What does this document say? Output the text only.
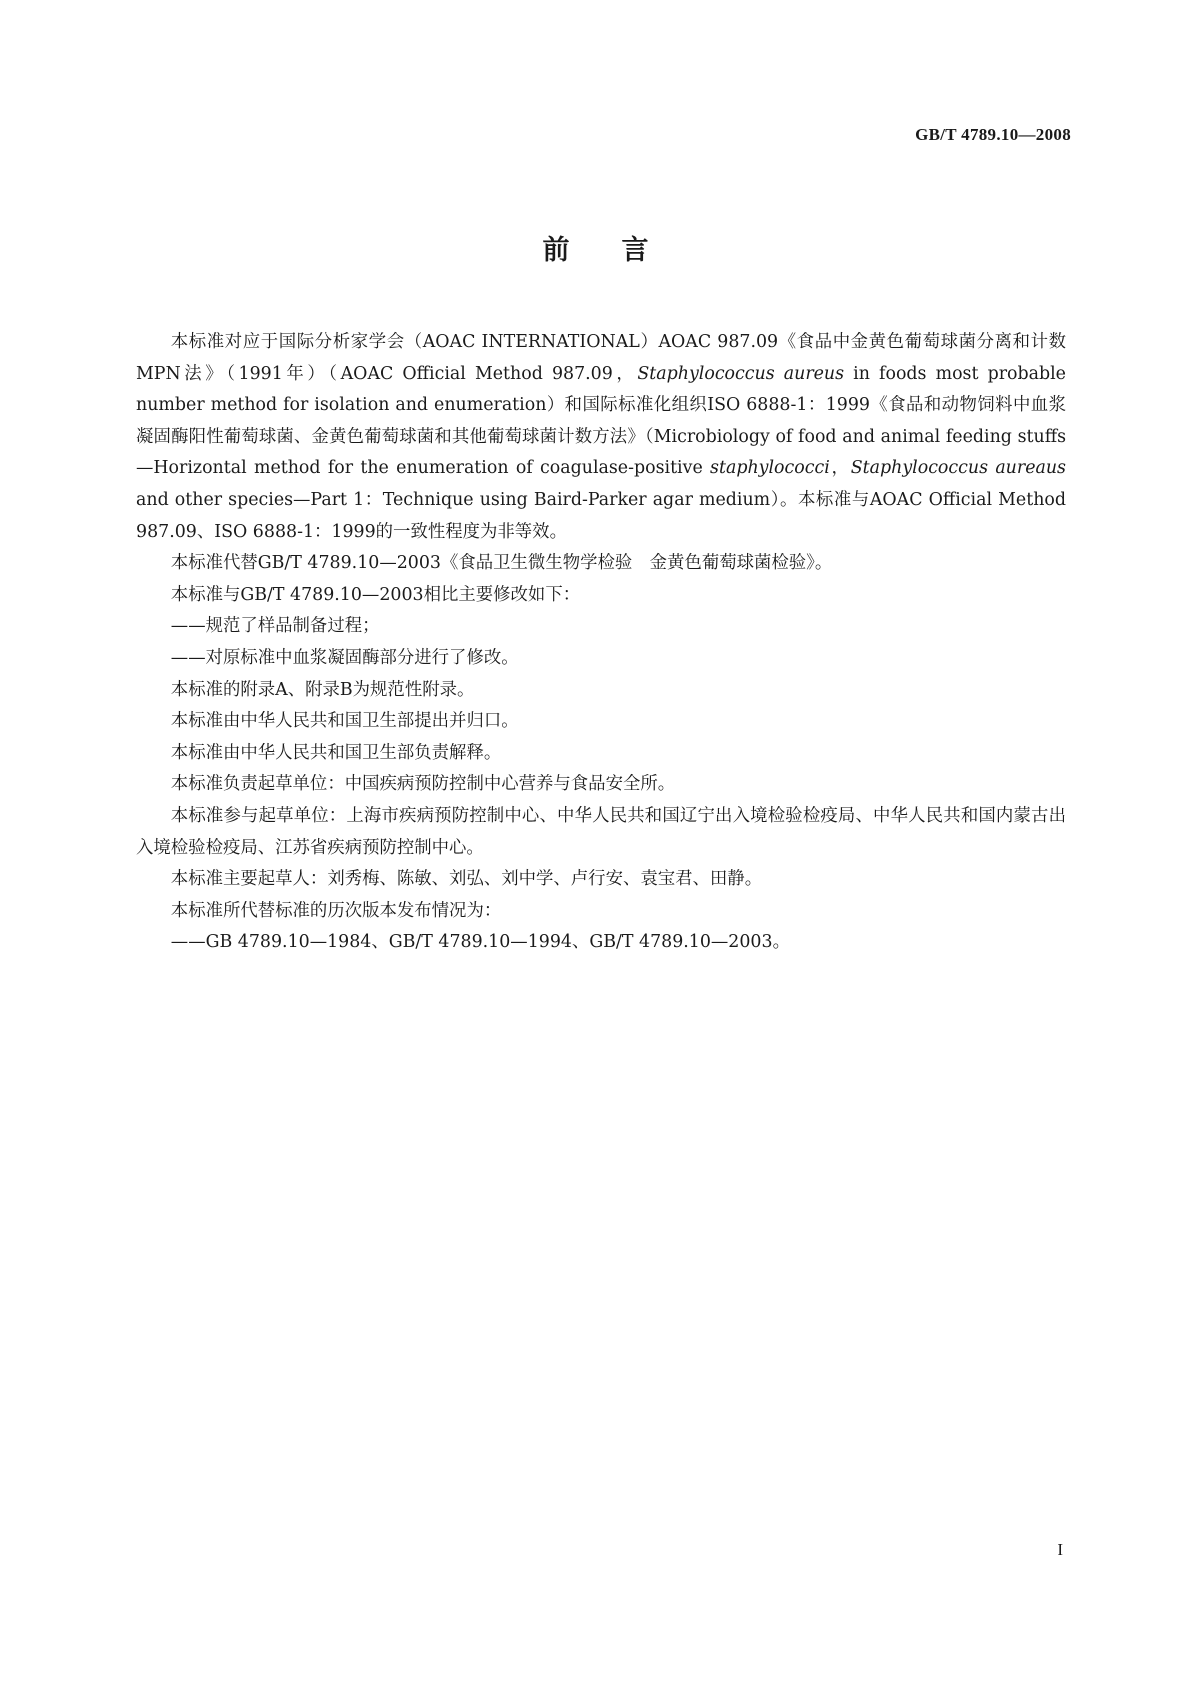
GB/T 4789.10—2008
前言

本标准对应于国际分析家学会（AOAC INTERNATIONAL）AOAC 987.09《食品中金黄色葡萄球菌分离和计数　MPN法》（1991年）（AOAC Official Method 987.09，Staphylococcus aureus in foods most probable number method for isolation and enumeration）和国际标准化组织ISO 6888-1：1999《食品和动物饲料中血浆凝固酶阳性葡萄球菌、金黄色葡萄球菌和其他葡萄球菌计数方法》（Microbiology of food and animal feeding stuffs—Horizontal method for the enumeration of coagulase-positive staphylococci，Staphylococcus aureaus and other species—Part 1：Technique using Baird-Parker agar medium）。本标准与AOAC Official Method 987.09、ISO 6888-1：1999的一致性程度为非等效。

本标准代替GB/T 4789.10—2003《食品卫生微生物学检验　金黄色葡萄球菌检验》。

本标准与GB/T 4789.10—2003相比主要修改如下：

——规范了样品制备过程；

——对原标准中血浆凝固酶部分进行了修改。

本标准的附录A、附录B为规范性附录。

本标准由中华人民共和国卫生部提出并归口。

本标准由中华人民共和国卫生部负责解释。

本标准负责起草单位：中国疾病预防控制中心营养与食品安全所。

本标准参与起草单位：上海市疾病预防控制中心、中华人民共和国辽宁出入境检验检疫局、中华人民共和国内蒙古出入境检验检疫局、江苏省疾病预防控制中心。

本标准主要起草人：刘秀梅、陈敏、刘弘、刘中学、卢行安、袁宝君、田静。

本标准所代替标准的历次版本发布情况为：

——GB 4789.10—1984、GB/T 4789.10—1994、GB/T 4789.10—2003。

I
